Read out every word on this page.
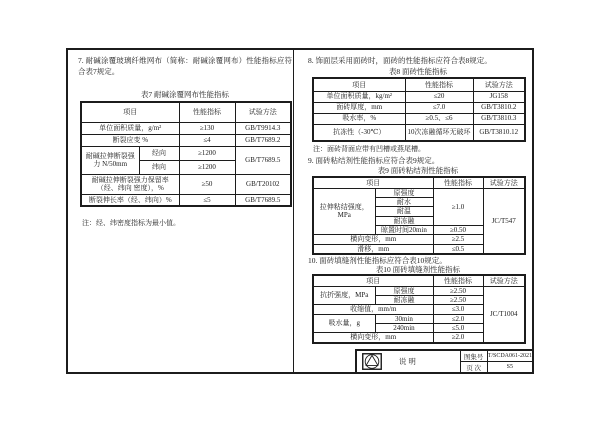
7. 耐碱涂覆玻璃纤维网布（简称：耐碱涂覆网布）性能指标应符合表7规定。
表7 耐碱涂覆网布性能指标
项目		性能指标	试验方法
单位面积质量，g/m²		≥130	GB/T9914.3
断裂应变 %		≤4	GB/T7689.2
耐碱拉伸断裂强力 N/50mm	经向	≥1200	GB/T7689.5
	纬向	≥1200	
耐碱拉伸断裂强力保留率（经、纬向 密度），%		≥50	GB/T20102
断裂伸长率（经、纬向）%		≤5	GB/T7689.5
注：经、纬密度指标为最小值。
8. 饰面层采用面砖时，面砖的性能指标应符合表8规定。
表8 面砖性能指标
项目	性能指标	试验方法
单位面积质量，kg/m²	≤20	JG158
面砖厚度，mm	≤7.0	GB/T3810.2
吸水率，%	≥0.5、≤6	GB/T3810.3
抗冻性（-30℃）	10次冻融循环无破坏	GB/T3810.12
注：面砖背面应带有凹槽或燕尾槽。
9. 面砖粘结剂性能指标应符合表9规定。
表9 面砖粘结剂性能指标
项目		性能指标	试验方法
拉伸粘结强度，MPa	原强度	≥1.0	JC/T547
	耐水		
	耐温		
	耐冻融		
	晾置时间20min	≥0.50	
横向变形，mm		≥2.5	
滑移，mm		≤0.5	
10. 面砖填缝剂性能指标应符合表10规定。
表10 面砖填缝剂性能指标
项目		性能指标	试验方法
抗折强度，MPa	原强度	≥2.50	JC/T1004
	耐冻融	≥2.50	
收缩值，mm/m		≤3.0	
吸水量，g	30min	≤2.0	
	240min	≤5.0	
横向变形，mm		≥2.0	
说明	图集号 T/SCDA061-2021
页 次	S5
